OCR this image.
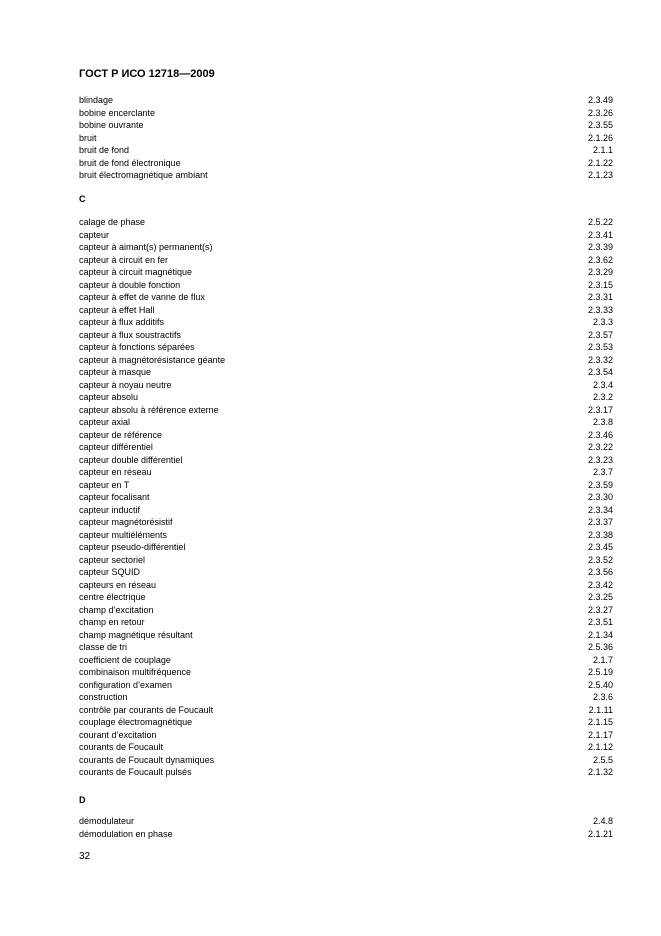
ГОСТ Р ИСО 12718—2009
blindage	2.3.49
bobine encerclante	2.3.26
bobine ouvrante	2.3.55
bruit	2.1.26
bruit de fond	2.1.1
bruit de fond électronique	2.1.22
bruit électromagnétique ambiant	2.1.23
C
calage de phase	2.5.22
capteur	2.3.41
capteur à aimant(s) permanent(s)	2.3.39
capteur à circuit en fer	2.3.62
capteur à circuit magnétique	2.3.29
capteur à double fonction	2.3.15
capteur à effet de vanne de flux	2.3.31
capteur à effet Hall	2.3.33
capteur à flux additifs	2.3.3
capteur à flux soustractifs	2.3.57
capteur à fonctions séparées	2.3.53
capteur à magnétorésistance géante	2.3.32
capteur à masque	2.3.54
capteur à noyau neutre	2.3.4
capteur absolu	2.3.2
capteur absolu à référence externe	2.3.17
capteur axial	2.3.8
capteur de référence	2.3.46
capteur différentiel	2.3.22
capteur double différentiel	2.3.23
capteur en réseau	2.3.7
capteur en T	2.3.59
capteur focalisant	2.3.30
capteur inductif	2.3.34
capteur magnétorésistif	2.3.37
capteur multiéléments	2.3.38
capteur pseudo-différentiel	2.3.45
capteur sectoriel	2.3.52
capteur SQUID	2.3.56
capteurs en réseau	2.3.42
centre électrique	2.3.25
champ d’excitation	2.3.27
champ en retour	2.3.51
champ magnétique résultant	2.1.34
classe de tri	2.5.36
coefficient de couplage	2.1.7
combinaison multifréquence	2.5.19
configuration d’examen	2.5.40
construction	2.3.6
contrôle par courants de Foucault	2.1.11
couplage électromagnétique	2.1.15
courant d’excitation	2.1.17
courants de Foucault	2.1.12
courants de Foucault dynamiques	2.5.5
courants de Foucault pulsés	2.1.32
D
démodulateur	2.4.8
démodulation en phase	2.1.21
32
